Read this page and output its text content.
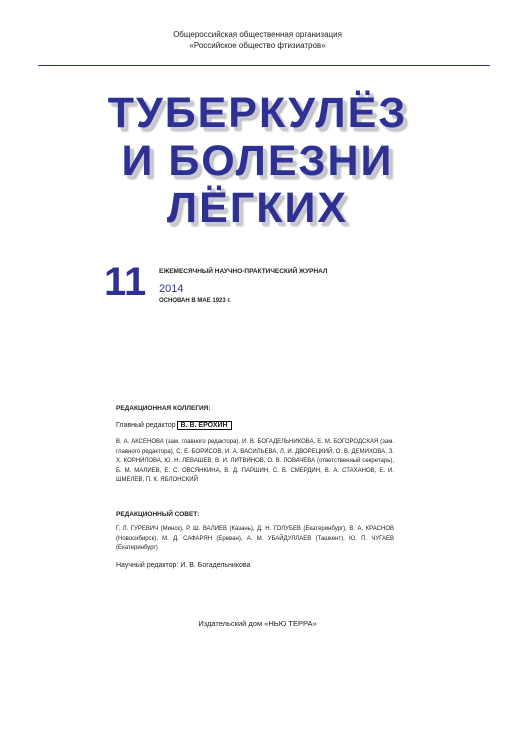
Общероссийская общественная организация
«Российское общество фтизиатров»
ТУБЕРКУЛЁЗ
И БОЛЕЗНИ
ЛЁГКИХ
11 ЕЖЕМЕСЯЧНЫЙ НАУЧНО-ПРАКТИЧЕСКИЙ ЖУРНАЛ
2014
ОСНОВАН В МАЕ 1923 г.
РЕДАКЦИОННАЯ КОЛЛЕГИЯ:
Главный редактор В. В. ЕРОХИН
В. А. АКСЕНОВА (зам. главного редактора), И. В. БОГАДЕЛЬНИКОВА, Е. М. БОГОРОДСКАЯ (зам. главного редактора), С. Е. БОРИСОВ, И. А. ВАСИЛЬЕВА, Л. И. ДВОРЕЦКИЙ, О. В. ДЕМИХОВА, З. Х. КОРНИЛОВА, Ю. Н. ЛЕВАШЕВ, В. И. ЛИТВИНОВ, О. В. ЛОВАЧЕВА (ответственный секретарь), Б. М. МАЛИЕВ, Е. С. ОВСЯНКИНА, В. Д. ПАРШИН, С. В. СМЕРДИН, В. А. СТАХАНОВ, Е. И. ШМЕЛЕВ, П. К. ЯБЛОНСКИЙ
РЕДАКЦИОННЫЙ СОВЕТ:
Г. Л. ГУРЕВИЧ (Минск), Р. Ш. ВАЛИЕВ (Казань), Д. Н. ГОЛУБЕВ (Екатеринбург), В. А. КРАСНОВ (Новосибирск), М. Д. САФАРЯН (Ереван), А. М. УБАЙДУЛЛАЕВ (Ташкент), Ю. П. ЧУГАЕВ (Екатеринбург)
Научный редактор: И. В. Богадельникова
Издательский дом «НЬЮ ТЕРРА»
